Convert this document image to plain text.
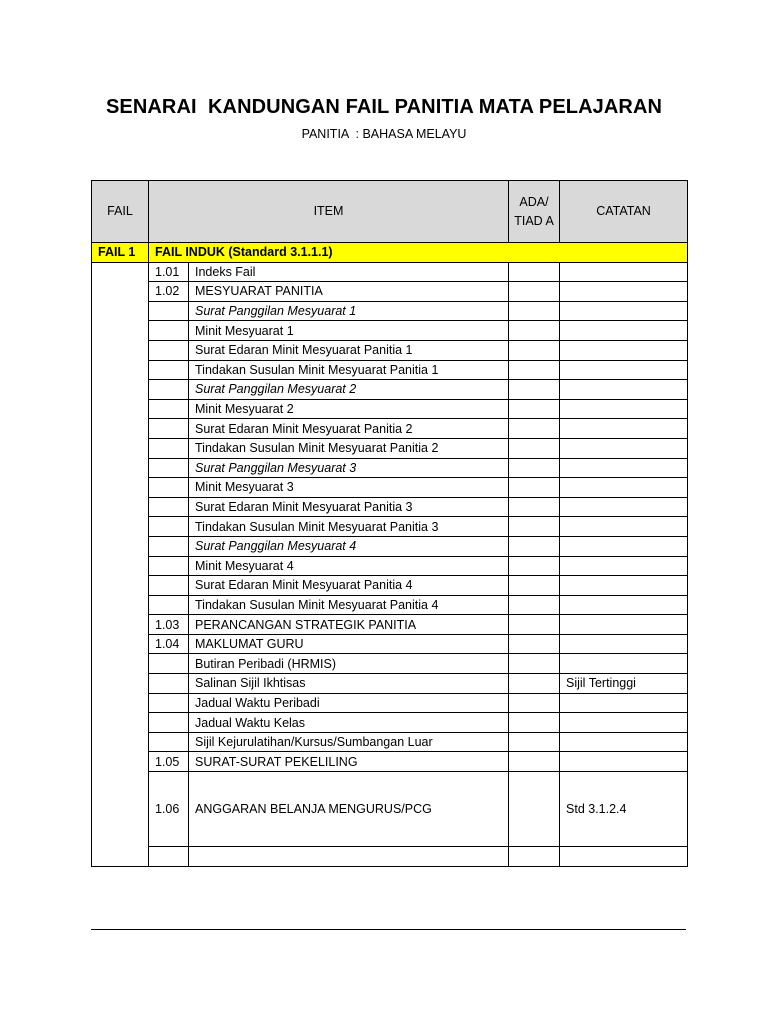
SENARAI  KANDUNGAN FAIL PANITIA MATA PELAJARAN
PANITIA  : BAHASA MELAYU
FAIL	ITEM		ADA/ TIAD A	CATATAN
FAIL 1	FAIL INDUK (Standard 3.1.1.1)			
	1.01	Indeks Fail		
	1.02	MESYUARAT PANITIA		
		Surat Panggilan Mesyuarat 1		
		Minit Mesyuarat 1		
		Surat Edaran Minit Mesyuarat Panitia 1		
		Tindakan Susulan Minit Mesyuarat Panitia 1		
		Surat Panggilan Mesyuarat 2		
		Minit Mesyuarat 2		
		Surat Edaran Minit Mesyuarat Panitia 2		
		Tindakan Susulan Minit Mesyuarat Panitia 2		
		Surat Panggilan Mesyuarat 3		
		Minit Mesyuarat 3		
		Surat Edaran Minit Mesyuarat Panitia 3		
		Tindakan Susulan Minit Mesyuarat Panitia 3		
		Surat Panggilan Mesyuarat 4		
		Minit Mesyuarat 4		
		Surat Edaran Minit Mesyuarat Panitia 4		
		Tindakan Susulan Minit Mesyuarat Panitia 4		
	1.03	PERANCANGAN STRATEGIK PANITIA		
	1.04	MAKLUMAT GURU		
		Butiran Peribadi (HRMIS)		
		Salinan Sijil Ikhtisas		Sijil Tertinggi
		Jadual Waktu Peribadi		
		Jadual Waktu Kelas		
		Sijil Kejurulatihan/Kursus/Sumbangan Luar		
	1.05	SURAT-SURAT PEKELILING		
	1.06	ANGGARAN BELANJA MENGURUS/PCG		Std 3.1.2.4
